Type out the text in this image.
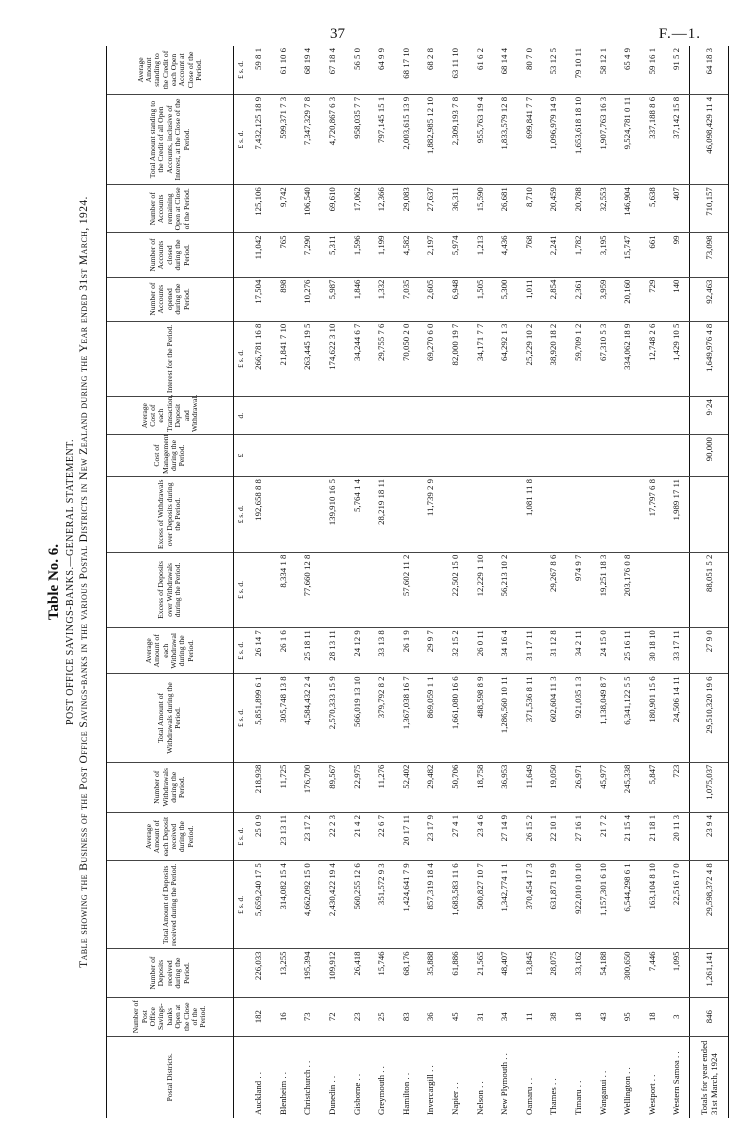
37	F.—1.
Table No. 6. POST OFFICE SAVINGS-BANKS.—GENERAL STATEMENT. Table showing the Business of the Post Office Savings-banks in the various Postal Districts in New Zealand during the Year ended 31st March, 1924.
Postal Districts.	Number of Post Office Savings-banks Open at the Close of the Period.	Number of Deposits received during the Period.	Total Amount of Deposits received during the Period.	Average Amount of each Deposit received during the Period.	Number of Withdrawals during the Period.	Total Amount of Withdrawals during the Period.	Average Amount of each Withdrawal during the Period.	Excess of Deposits over Withdrawals during the Period.	Excess of Withdrawals over Deposits during the Period.	Cost of Management during the Period.	Average Cost of each Transaction, Deposit and Withdrawal.	Interest for the Period.	Number of Accounts opened during the Period.	Number of Accounts closed during the Period.	Number of Accounts remaining Open at Close of the Period.	Total Amount standing to the Credit of all Open Accounts, inclusive of Interest, at the Close of the Period.	Average Amount standing to the Credit of each Open Account at Close of the Period.
			£ s. d.	£ s. d.		£ s. d.	£ s. d.	£ s. d.	£ s. d.	£	d.	£ s. d.				£ s. d.	£ s. d.
Auckland . .	182	226,033	5,659,240 17 5	25 0 9	218,938	5,851,899 6 1	26 14 7		192,658 8 8			266,781 16 8	17,504	11,042	125,106	7,432,125 18 9	59 8 1
Blenheim . .	16	13,255	314,082 15 4	23 13 11	11,725	305,748 13 8	26 1 6	8,334 1 8				21,841 7 10	898	765	9,742	599,371 7 3	61 10 6
Christchurch . .	73	195,394	4,662,092 15 0	23 17 2	176,700	4,584,432 2 4	25 18 11	77,660 12 8				263,445 19 5	10,276	7,290	106,540	7,347,329 7 8	68 19 4
Dunedin . .	72	109,912	2,430,422 19 4	22 2 3	89,567	2,570,333 15 9	28 13 11		139,910 16 5			174,622 3 10	5,987	5,311	69,610	4,720,867 6 3	67 18 4
Gisborne . .	23	26,418	560,255 12 6	21 4 2	22,975	566,019 13 10	24 12 9		5,764 1 4			34,244 6 7	1,846	1,596	17,062	958,035 7 7	56 5 0
Greymouth . .	25	15,746	351,572 9 3	22 6 7	11,276	379,792 8 2	33 13 8		28,219 18 11			29,755 7 6	1,332	1,199	12,366	797,145 15 1	64 9 9
Hamilton . .	83	68,176	1,424,641 7 9	20 17 11	52,402	1,367,038 16 7	26 1 9	57,602 11 2				70,050 2 0	7,035	4,582	29,083	2,003,615 13 9	68 17 10
Invercargill . .	36	35,888	857,319 18 4	23 17 9	29,482	869,059 1 1	29 9 7		11,739 2 9			69,270 6 0	2,605	2,197	27,637	1,882,985 12 10	68 2 8
Napier . .	45	61,886	1,683,583 11 6	27 4 1	50,706	1,661,080 16 6	32 15 2	22,502 15 0				82,000 19 7	6,948	5,974	36,311	2,309,193 7 8	63 11 10
Nelson . .	31	21,565	500,827 10 7	23 4 6	18,758	488,598 8 9	26 0 11	12,229 1 10				34,171 7 7	1,505	1,213	15,590	955,763 19 4	61 6 2
New Plymouth . .	34	48,407	1,342,774 1 1	27 14 9	36,953	1,286,560 10 11	34 16 4	56,213 10 2				64,292 1 3	5,300	4,436	26,681	1,833,579 12 8	68 14 4
Oamaru . .	11	13,845	370,454 17 3	26 15 2	11,649	371,536 8 11	31 17 11		1,081 11 8			25,229 10 2	1,011	768	8,710	699,841 7 7	80 7 0
Thames . .	38	28,075	631,871 19 9	22 10 1	19,050	602,604 11 3	31 12 8	29,267 8 6				38,920 18 2	2,854	2,241	20,459	1,096,979 14 9	53 12 5
Timaru . .	18	33,162	922,010 10 10	27 16 1	26,971	921,035 1 3	34 2 11	974 9 7				59,709 1 2	2,361	1,782	20,788	1,653,618 18 10	79 10 11
Wanganui . .	43	54,188	1,157,301 6 10	21 7 2	45,977	1,138,049 8 7	24 15 0	19,251 18 3				67,310 5 3	3,959	3,195	32,553	1,907,763 16 3	58 12 1
Wellington . .	95	300,650	6,544,298 6 1	21 15 4	245,338	6,341,122 5 5	25 16 11	203,176 0 8				334,062 18 9	20,160	15,747	146,904	9,524,781 0 11	65 4 9
Westport . .	18	7,446	163,104 8 10	21 18 1	5,847	180,901 15 6	30 18 10		17,797 6 8			12,748 2 6	729	661	5,638	337,188 8 6	59 16 1
Western Samoa . .	3	1,095	22,516 17 0	20 11 3	723	24,506 14 11	33 17 11		1,989 17 11			1,429 10 5	140	99	407	37,142 15 8	91 5 2
Totals for year ended 31st March, 1924	846	1,261,141	29,598,372 4 8	23 9 4	1,075,037	29,510,320 19 6	27 9 0	88,051 5 2		90,000	9·24	1,649,976 4 8	92,463	73,098	710,157	46,098,429 11 4	64 18 3
